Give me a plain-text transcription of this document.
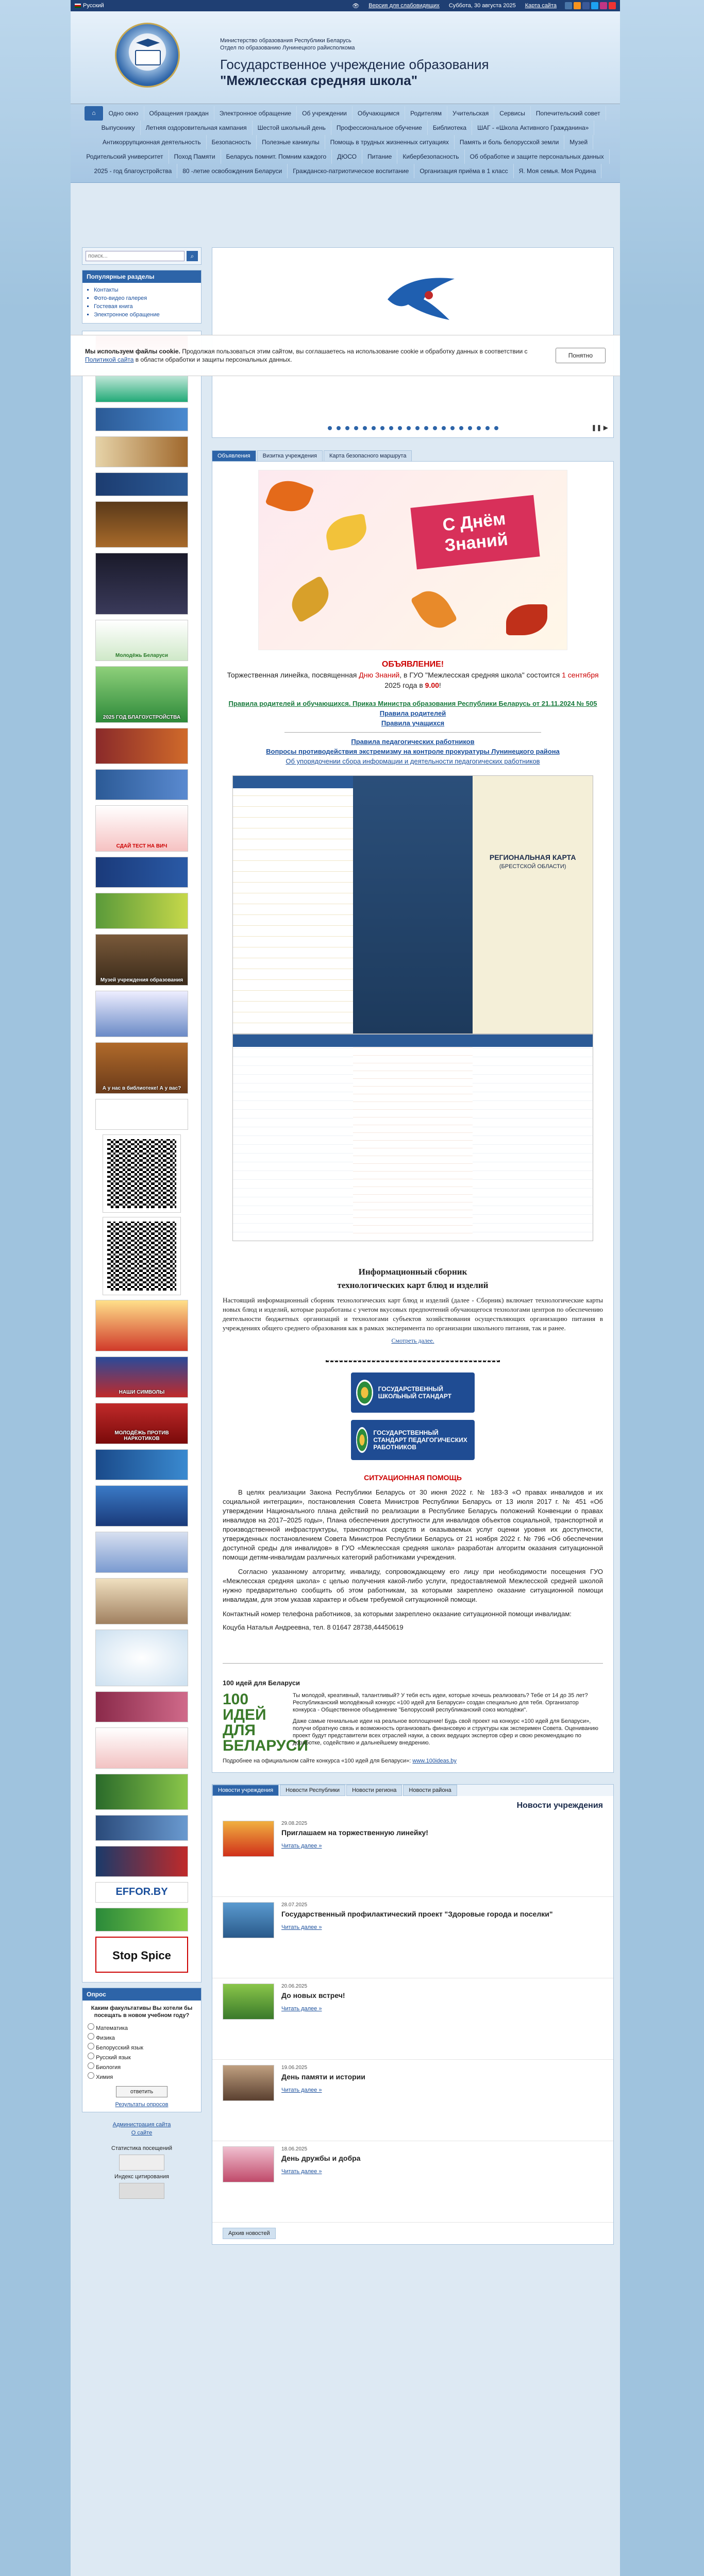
Русский	👁 Версия для слабовидящих Суббота, 30 августа 2025 Карта сайта
Министерство образования Республики Беларусь
Отдел по образованию Лунинецкого райисполкома
Государственное учреждение образования
"Межлесская средняя школа"
⌂	Одно окно	Обращения граждан	Электронное обращение	Об учреждении	Обучающимся	Родителям	Учительская	Сервисы	Попечительский совет
Выпускнику	Летняя оздоровительная кампания	Шестой школьный день	Профессиональное обучение	Библиотека	ШАГ - «Школа Активного Гражданина»
Антикоррупционная деятельность	Безопасность	Полезные каникулы	Помощь в трудных жизненных ситуациях	Память и боль белорусской земли	Музей
Родительский университет	Поход Памяти	Беларусь помнит. Помним каждого	ДЮСО	Питание	Кибербезопасность	Об обработке и защите персональных данных
2025 - год благоустройства	80 -летие освобождения Беларуси	Гражданско-патриотическое воспитание	Организация приёма в 1 класс	Я. Моя семья. Моя Родина
поиск...
⌕
Популярные разделы
▪ Контакты
▪ Фото-видео галерея
▪ Гостевая книга
▪ Электронное обращение
Молодёжь Беларуси
2025 ГОД БЛАГОУСТРОЙСТВА
СДАЙ ТЕСТ НА ВИЧ
Музей учреждения образования
А у нас в библиотеке! А у вас?
НАШИ СИМВОЛЫ
МОЛОДЁЖЬ ПРОТИВ НАРКОТИКОВ
EFFOR.BY
Stop Spice
Опрос
Каким факультативы Вы хотели бы посещать в новом учебном году?
Математика
Физика
Белорусский язык
Русский язык
Биология
Химия
ответить
Результаты опросов
Администрация сайта
О сайте
Статистика посещений
Индекс цитирования
❚❚ ▶
Объявления	Визитка учреждения	Карта безопасного маршрута
С Днём Знаний
ОБЪЯВЛЕНИЕ!
Торжественная линейка, посвященная Дню Знаний, в ГУО "Межлесская средняя школа" состоится 1 сентября 2025 года в 9.00!
Правила родителей и обучающихся. Приказ Министра образования Республики Беларусь от 21.11.2024 № 505
Правила родителей
Правила учащихся
Правила педагогических работников
Вопросы противодействия экстремизму на контроле прокуратуры Лунинецкого района
Об упорядочении сбора информации и деятельности педагогических работников
РЕГИОНАЛЬНАЯ КАРТА
(БРЕСТСКОЙ ОБЛАСТИ)
Информационный сборник
технологических карт блюд и изделий

Настоящий информационный сборник технологических карт блюд и изделий (далее - Сборник) включает технологические карты новых блюд и изделий, которые разработаны с учетом вкусовых предпочтений обучающегося технологами центров по обеспечению деятельности бюджетных организаций и технологами субъектов хозяйствования осуществляющих организацию питания в учреждениях общего среднего образования как в рамках эксперимента по организации школьного питания, так и ранее.

Смотреть далее.
ГОСУДАРСТВЕННЫЙ ШКОЛЬНЫЙ СТАНДАРТ
ГОСУДАРСТВЕННЫЙ СТАНДАРТ ПЕДАГОГИЧЕСКИХ РАБОТНИКОВ
СИТУАЦИОННАЯ ПОМОЩЬ

В целях реализации Закона Республики Беларусь от 30 июня 2022 г. № 183-З «О правах инвалидов и их социальной интеграции», постановления Совета Министров Республики Беларусь от 13 июля 2017 г. № 451 «Об утверждении Национального плана действий по реализации в Республике Беларусь положений Конвенции о правах инвалидов на 2017–2025 годы», Плана обеспечения доступности для инвалидов объектов социальной, транспортной и производственной инфраструктуры, транспортных средств и оказываемых услуг оценки уровня их доступности, утвержденных постановлением Совета Министров Республики Беларусь от 21 ноября 2022 г. № 796 «Об обеспечении доступной среды для инвалидов» в ГУО «Межлесская средняя школа» разработан алгоритм оказания ситуационной помощи детям-инвалидам различных категорий работниками учреждения.

Согласно указанному алгоритму, инвалиду, сопровождающему его лицу при необходимости посещения ГУО «Межлесская средняя школа» с целью получения какой-либо услуги, предоставляемой Межлесской средней школой нужно предварительно сообщить об этом работникам, за которыми закреплено оказание ситуационной помощи инвалидам, для этом указав характер и объем требуемой ситуационной помощи.

Контактный номер телефона работников, за которыми закреплено оказание ситуационной помощи инвалидам:

Коцуба Наталья Андреевна, тел. 8 01647 28738,44450619

100 идей для Беларуси
100 ИДЕЙ ДЛЯ БЕЛАРУСИ

Ты молодой, креативный, талантливый? У тебя есть идеи, которые хочешь реализовать? Тебе от 14 до 35 лет? Республиканский молодёжный конкурс «100 идей для Беларуси» создан специально для тебя. Организатор конкурса - Общественное объединение "Белорусский республиканский союз молодёжи".

Даже самые гениальные идеи на реальное воплощение! Будь свой проект на конкурс «100 идей для Беларуси», получи обратную связь и возможность организовать финансовую и структуры как эксперимен Совета. Оцениванию проект будут представители всех отраслей науки, а своих ведущих экспертов сфер и свою рекомендацию по доработке, содействию и дальнейшему внедрению.

Подробнее на официальном сайте конкурса «100 идей для Беларуси»: www.100ideas.by

Новости учреждения	Новости Республики	Новости региона	Новости района
Новости учреждения
29.08.2025
Приглашаем на торжественную линейку!
Читать далее »
28.07.2025
Государственный профилактический проект "Здоровые города и поселки"
Читать далее »
20.06.2025
До новых встреч!
Читать далее »
19.06.2025
День памяти и истории
Читать далее »
18.06.2025
День дружбы и добра
Читать далее »
Архив новостей

Мы используем файлы cookie. Продолжая пользоваться этим сайтом, вы соглашаетесь на использование cookie и обработку данных в соответствии с Политикой сайта в области обработки и защиты персональных данных.

Понятно
